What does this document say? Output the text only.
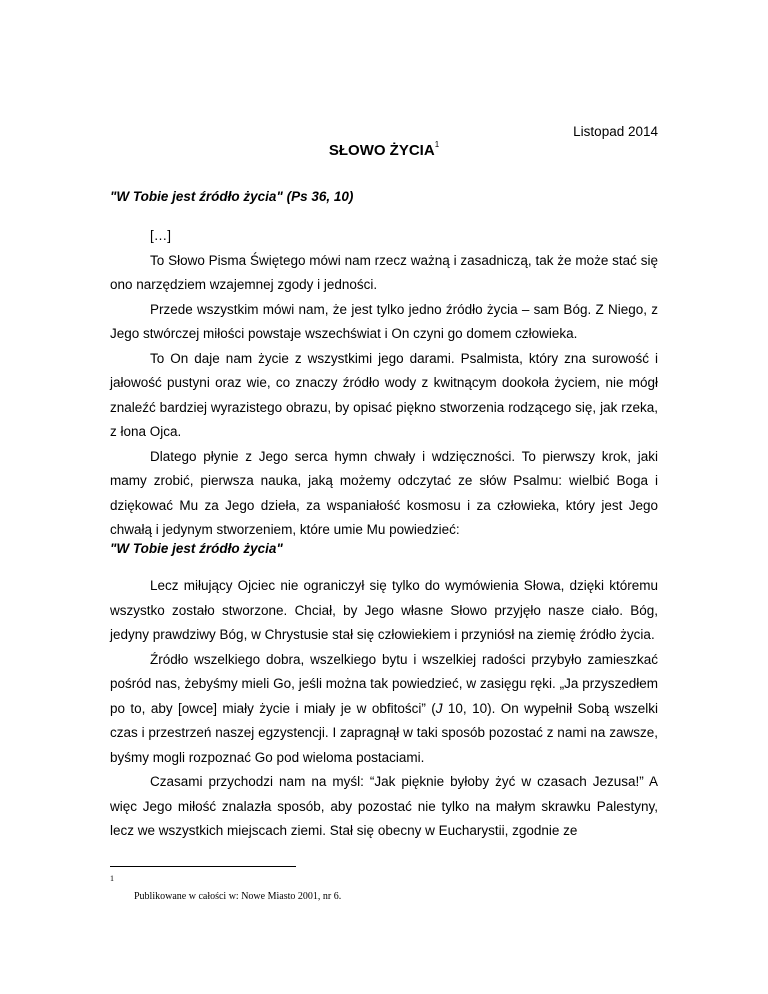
Listopad 2014
SŁOWO ŻYCIA$^1$
"W Tobie jest źródło życia" (Ps 36, 10)

[…]

To Słowo Pisma Świętego mówi nam rzecz ważną i zasadniczą, tak że może stać się ono narzędziem wzajemnej zgody i jedności.

Przede wszystkim mówi nam, że jest tylko jedno źródło życia – sam Bóg. Z Niego, z Jego stwórczej miłości powstaje wszechświat i On czyni go domem człowieka.

To On daje nam życie z wszystkimi jego darami. Psalmista, który zna surowość i jałowość pustyni oraz wie, co znaczy źródło wody z kwitnącym dookoła życiem, nie mógł znaleźć bardziej wyrazistego obrazu, by opisać piękno stworzenia rodzącego się, jak rzeka, z łona Ojca.

Dlatego płynie z Jego serca hymn chwały i wdzięczności. To pierwszy krok, jaki mamy zrobić, pierwsza nauka, jaką możemy odczytać ze słów Psalmu: wielbić Boga i dziękować Mu za Jego dzieła, za wspaniałość kosmosu i za człowieka, który jest Jego chwałą i jedynym stworzeniem, które umie Mu powiedzieć:

"W Tobie jest źródło życia"

Lecz miłujący Ojciec nie ograniczył się tylko do wymówienia Słowa, dzięki któremu wszystko zostało stworzone. Chciał, by Jego własne Słowo przyjęło nasze ciało. Bóg, jedyny prawdziwy Bóg, w Chrystusie stał się człowiekiem i przyniósł na ziemię źródło życia.

Źródło wszelkiego dobra, wszelkiego bytu i wszelkiej radości przybyło zamieszkać pośród nas, żebyśmy mieli Go, jeśli można tak powiedzieć, w zasięgu ręki. „Ja przyszedłem po to, aby [owce] miały życie i miały je w obfitości” (J 10, 10). On wypełnił Sobą wszelki czas i przestrzeń naszej egzystencji. I zapragnął w taki sposób pozostać z nami na zawsze, byśmy mogli rozpoznać Go pod wieloma postaciami.

Czasami przychodzi nam na myśl: “Jak pięknie byłoby żyć w czasach Jezusa!” A więc Jego miłość znalazła sposób, aby pozostać nie tylko na małym skrawku Palestyny, lecz we wszystkich miejscach ziemi. Stał się obecny w Eucharystii, zgodnie ze

1
Publikowane w całości w: Nowe Miasto 2001, nr 6.
